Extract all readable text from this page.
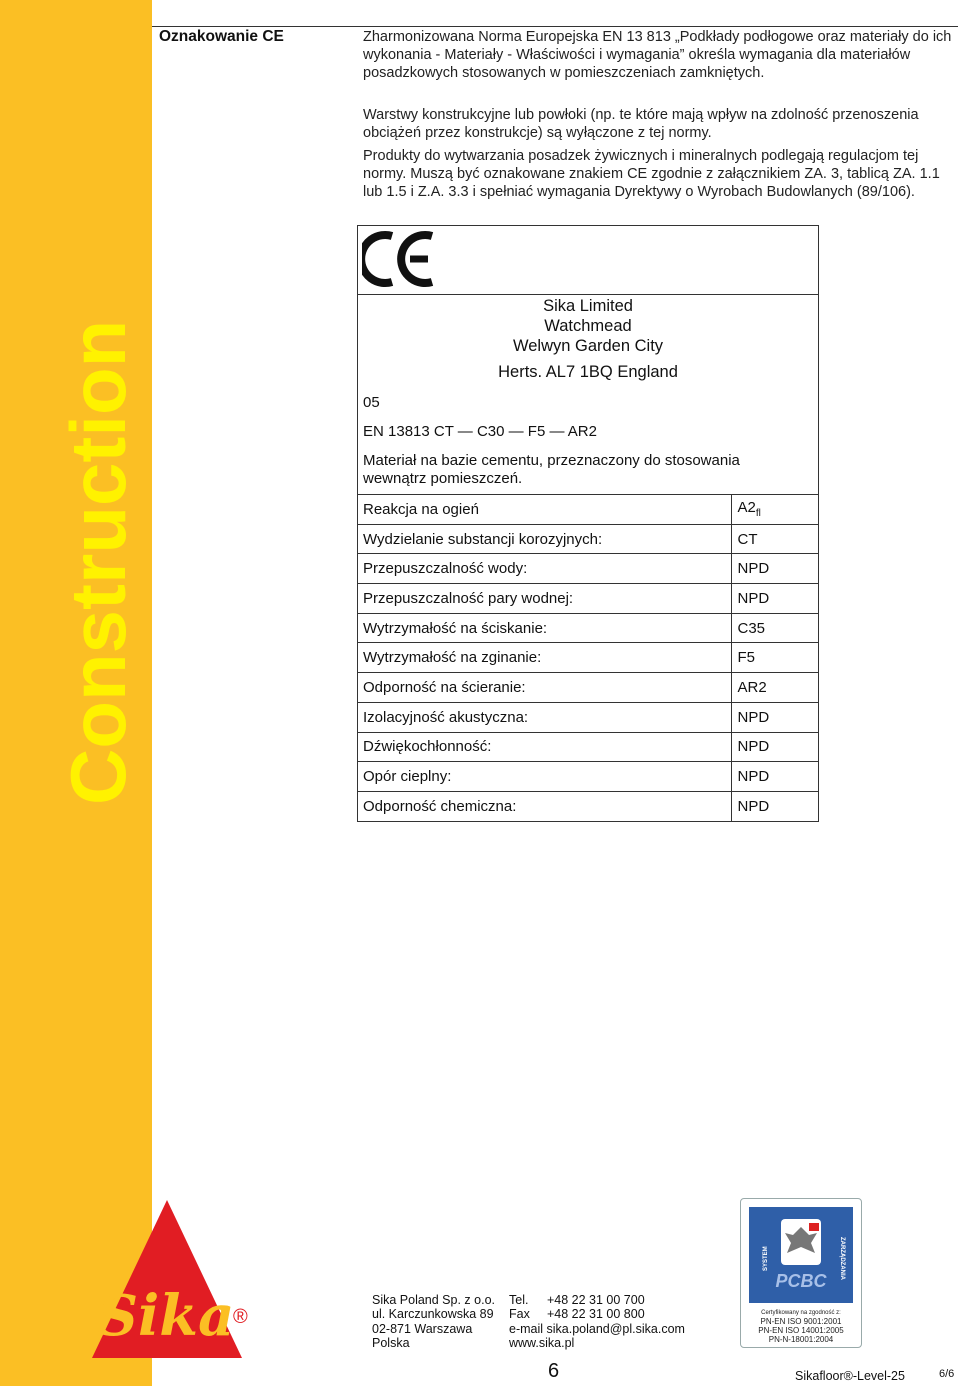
Construction
Sika
®
Oznakowanie CE	Zharmonizowana Norma Europejska EN 13 813 „Podkłady podłogowe oraz materiały do ich wykonania - Materiały - Właściwości i wymagania” określa wymagania dla materiałów posadzkowych stosowanych w pomieszczeniach zamkniętych.
Warstwy konstrukcyjne lub powłoki (np. te które mają wpływ na zdolność przenoszenia obciążeń przez konstrukcje) są wyłączone z tej normy.
Produkty do wytwarzania posadzek żywicznych i mineralnych podlegają regulacjom tej normy. Muszą być oznakowane znakiem CE zgodnie z załącznikiem ZA. 3, tablicą ZA. 1.1 lub 1.5 i Z.A. 3.3 i spełniać wymagania Dyrektywy o Wyrobach Budowlanych (89/106).
Sika Limited
Watchmead
Welwyn Garden City
Herts. AL7 1BQ England
05
EN 13813 CT — C30 — F5 — AR2
Materiał na bazie cementu, przeznaczony do stosowania wewnątrz pomieszczeń.
Reakcja na ogień	$A2_{fl}$
Wydzielanie substancji korozyjnych:	CT
Przepuszczalność wody:	NPD
Przepuszczalność pary wodnej:	NPD
Wytrzymałość na ściskanie:	C35
Wytrzymałość na zginanie:	F5
Odporność na ścieranie:	AR2
Izolacyjność akustyczna:	NPD
Dźwiękochłonność:	NPD
Opór cieplny:	NPD
Odporność chemiczna:	NPD
Sika Poland Sp. z o.o.
ul. Karczunkowska 89
02-871 Warszawa
Polska
Tel. +48 22 31 00 700
Fax +48 22 31 00 800
e-mail sika.poland@pl.sika.com
www.sika.pl
6	Sikafloor®-Level-25	6/6
SYSTEM	ZARZĄDZANIA
PCBC
Certyfikowany na zgodność z:
PN-EN ISO 9001:2001
PN-EN ISO 14001:2005
PN-N-18001:2004
